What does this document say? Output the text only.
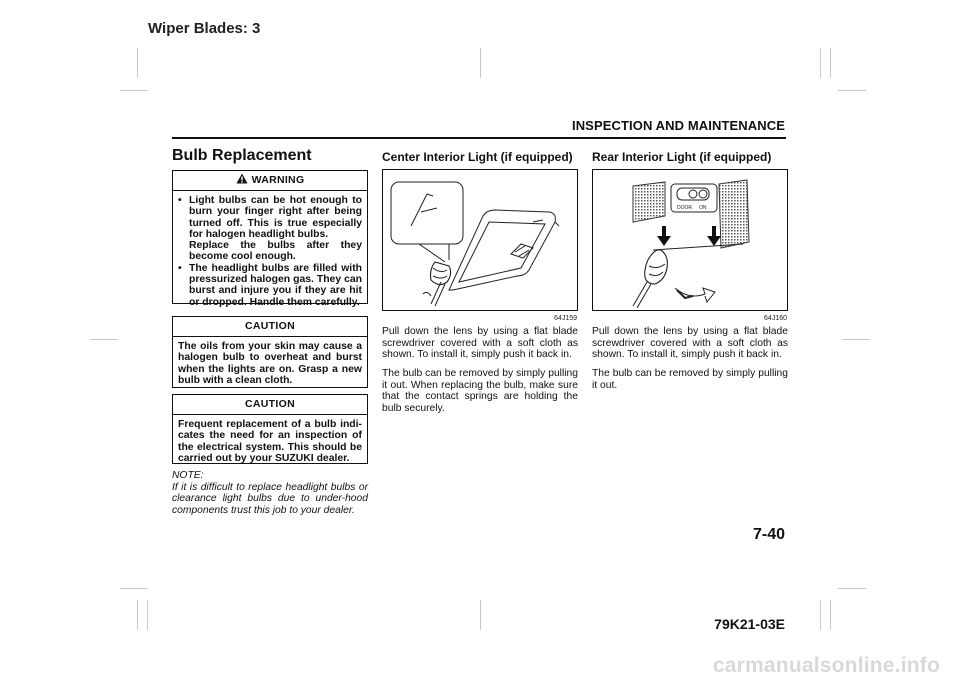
Wiper Blades: 3
INSPECTION AND MAINTENANCE
Bulb Replacement
WARNING
• Light bulbs can be hot enough to burn your finger right after being turned off. This is true especially for halogen headlight bulbs.
Replace the bulbs after they become cool enough.
• The headlight bulbs are filled with pressurized halogen gas. They can burst and injure you if they are hit or dropped. Handle them carefully.
CAUTION
The oils from your skin may cause a halogen bulb to overheat and burst when the lights are on. Grasp a new bulb with a clean cloth.
CAUTION
Frequent replacement of a bulb indi-cates the need for an inspection of the electrical system. This should be carried out by your SUZUKI dealer.
NOTE:
If it is difficult to replace headlight bulbs or clearance light bulbs due to under-hood components trust this job to your dealer.
Center Interior Light (if equipped)
64J159
Pull down the lens by using a flat blade screwdriver covered with a soft cloth as shown. To install it, simply push it back in.
The bulb can be removed by simply pulling it out. When replacing the bulb, make sure that the contact springs are holding the bulb securely.
Rear Interior Light (if equipped)
DOOR ON
64J160
Pull down the lens by using a flat blade screwdriver covered with a soft cloth as shown. To install it, simply push it back in.
The bulb can be removed by simply pulling it out.
7-40
79K21-03E
carmanualsonline.info
